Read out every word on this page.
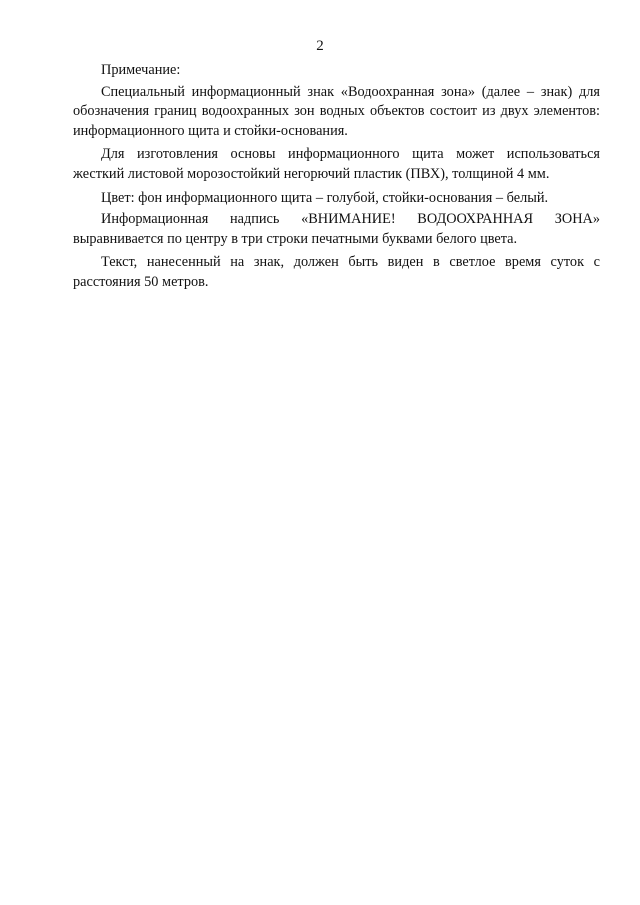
2

Примечание:

Специальный информационный знак «Водоохранная зона» (далее – знак) для обозначения границ водоохранных зон водных объектов состоит из двух элементов: информационного щита и стойки-основания.

Для изготовления основы информационного щита может использоваться жесткий листовой морозостойкий негорючий пластик (ПВХ), толщиной 4 мм.

Цвет: фон информационного щита – голубой, стойки-основания – белый.

Информационная надпись «ВНИМАНИЕ! ВОДООХРАННАЯ ЗОНА» выравнивается по центру в три строки печатными буквами белого цвета.

Текст, нанесенный на знак, должен быть виден в светлое время суток с расстояния 50 метров.
